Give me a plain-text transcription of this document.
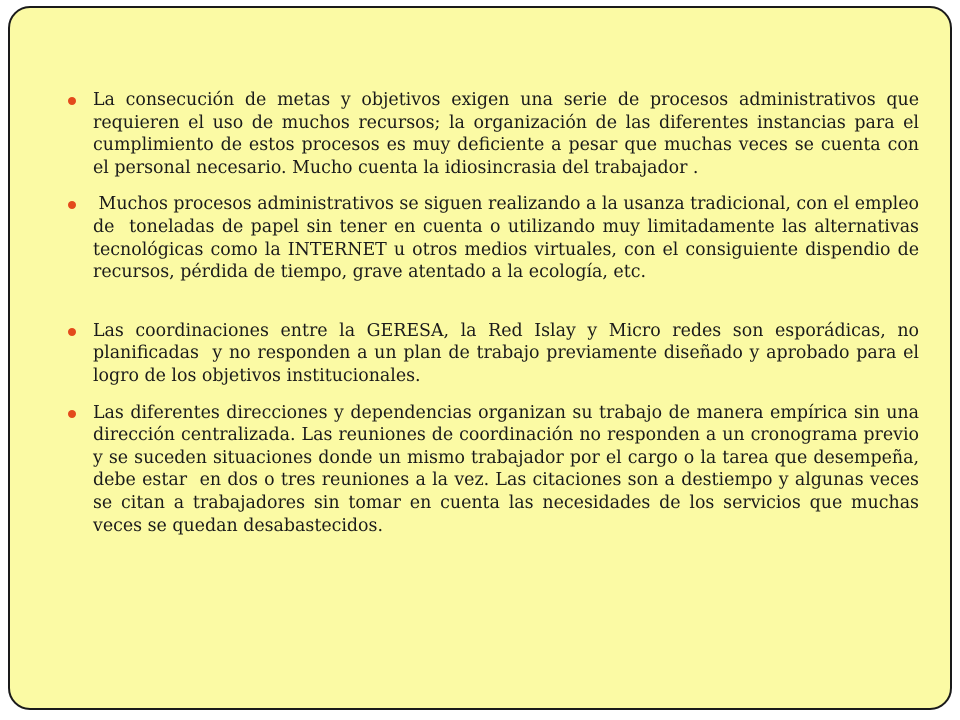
La consecución de metas y objetivos exigen una serie de procesos administrativos que requieren el uso de muchos recursos; la organización de las diferentes instancias para el cumplimiento de estos procesos es muy deficiente a pesar que muchas veces se cuenta con el personal necesario. Mucho cuenta la idiosincrasia del trabajador .
Muchos procesos administrativos se siguen realizando a la usanza tradicional, con el empleo de  toneladas de papel sin tener en cuenta o utilizando muy limitadamente las alternativas tecnológicas como la INTERNET u otros medios virtuales, con el consiguiente dispendio de recursos, pérdida de tiempo, grave atentado a la ecología, etc.
Las coordinaciones entre la GERESA, la Red Islay y Micro redes son esporádicas, no planificadas  y no responden a un plan de trabajo previamente diseñado y aprobado para el logro de los objetivos institucionales.
Las diferentes direcciones y dependencias organizan su trabajo de manera empírica sin una dirección centralizada. Las reuniones de coordinación no responden a un cronograma previo y se suceden situaciones donde un mismo trabajador por el cargo o la tarea que desempeña, debe estar  en dos o tres reuniones a la vez. Las citaciones son a destiempo y algunas veces se citan a trabajadores sin tomar en cuenta las necesidades de los servicios que muchas veces se quedan desabastecidos.
